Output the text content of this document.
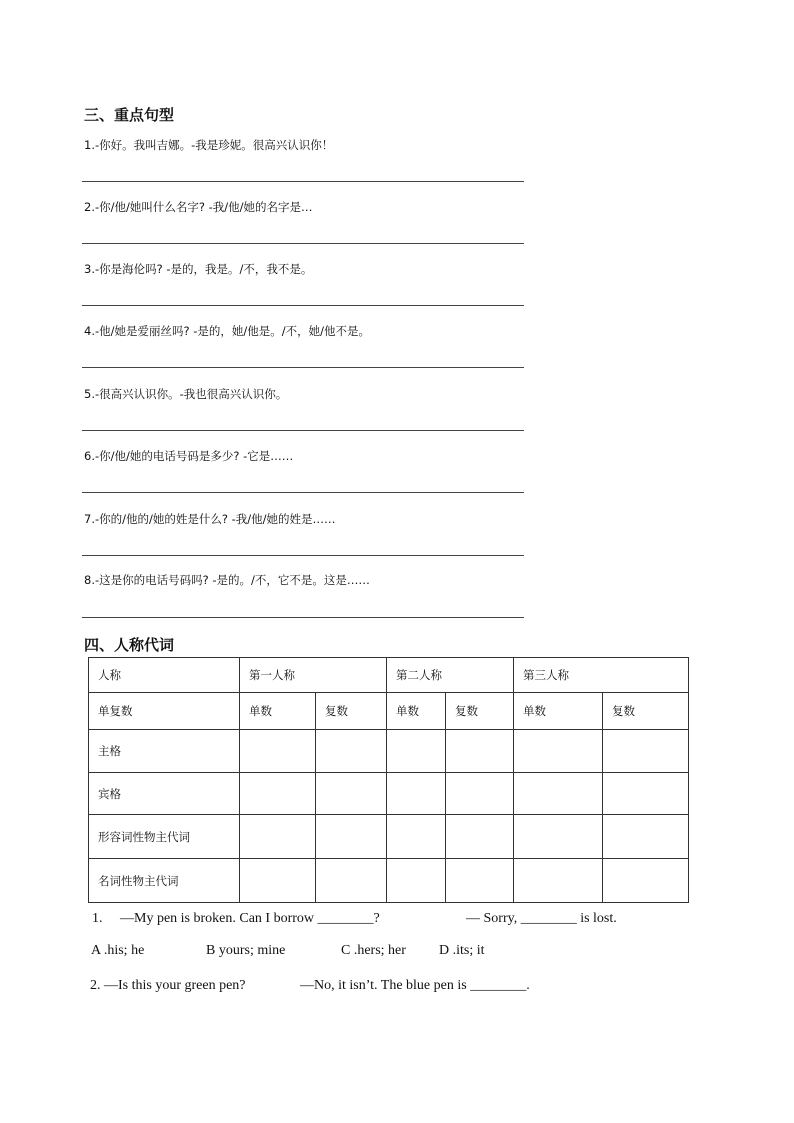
三、重点句型
1.-你好。我叫吉娜。-我是珍妮。很高兴认识你！
2.-你/他/她叫什么名字? -我/他/她的名字是…
3.-你是海伦吗? -是的，我是。/不，我不是。
4.-他/她是爱丽丝吗? -是的，她/他是。/不，她/他不是。
5.-很高兴认识你。-我也很高兴认识你。
6.-你/他/她的电话号码是多少? -它是……
7.-你的/他的/她的姓是什么? -我/他/她的姓是……
8.-这是你的电话号码吗? -是的。/不，它不是。这是……
四、人称代词
人称	第一人称		第二人称		第三人称	
单复数	单数	复数	单数	复数	单数	复数
主格						
宾格						
形容词性物主代词						
名词性物主代词						
1. —My pen is broken. Can I borrow ________?	— Sorry, ________ is lost.
A .his; he	B yours; mine	C .hers; her D .its; it
2. —Is this your green pen?	—No, it isn’t. The blue pen is ________.
